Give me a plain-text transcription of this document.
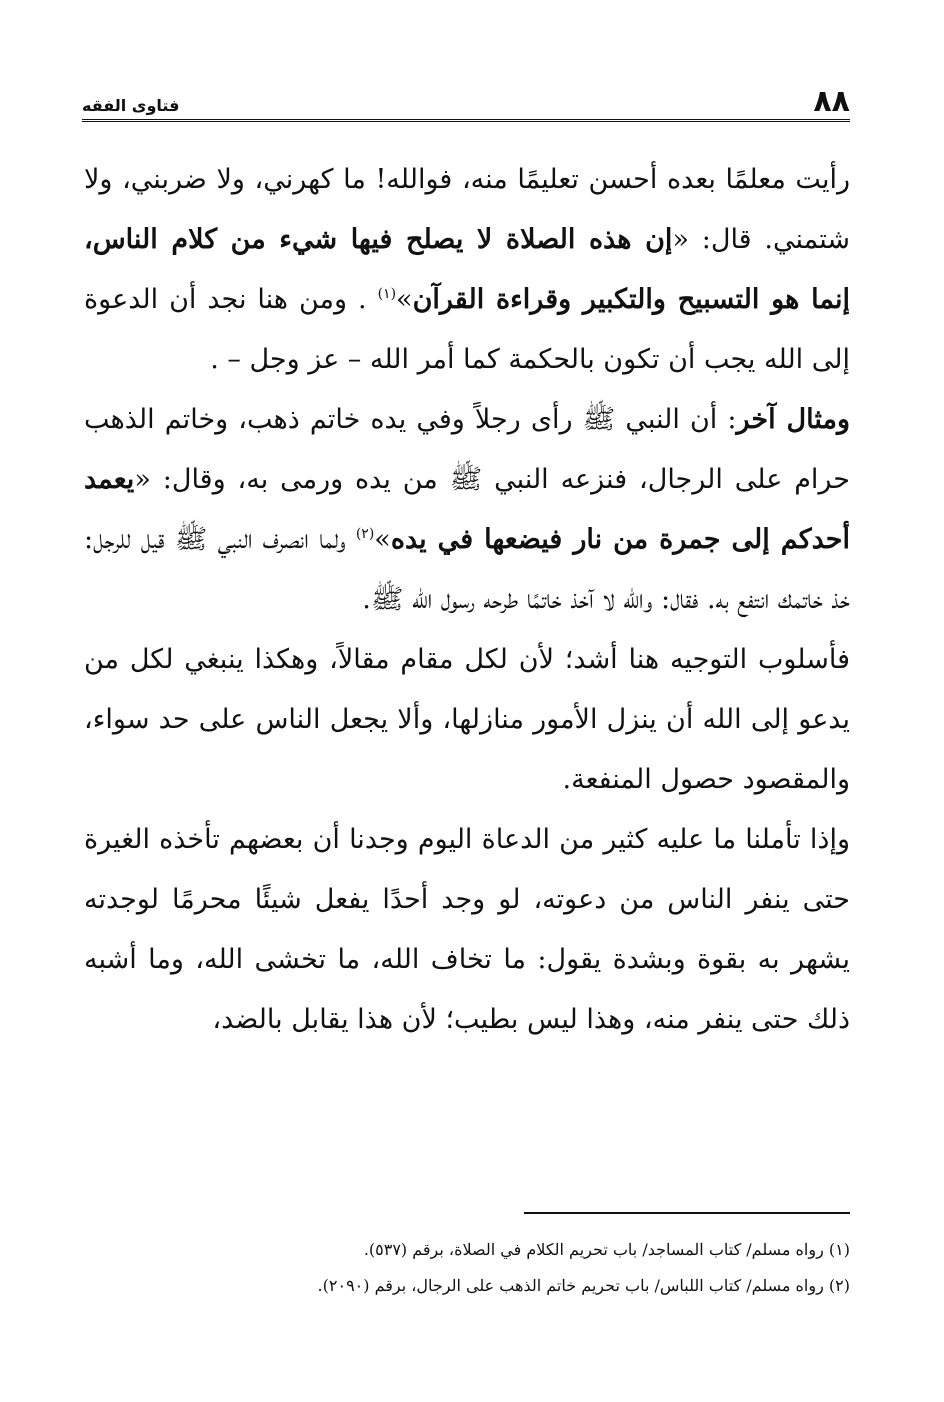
٨٨
فتاوى الفقه

رأيت معلمًا بعده أحسن تعليمًا منه، فوالله! ما كهرني، ولا ضربني، ولا شتمني. قال: «إن هذه الصلاة لا يصلح فيها شيء من كلام الناس، إنما هو التسبيح والتكبير وقراءة القرآن»$^{(١)}$ . ومن هنا نجد أن الدعوة إلى الله يجب أن تكون بالحكمة كما أمر الله – عز وجل – .

ومثال آخر: أن النبي ﷺ رأى رجلاً وفي يده خاتم ذهب، وخاتم الذهب حرام على الرجال، فنزعه النبي ﷺ من يده ورمى به، وقال: «يعمد أحدكم إلى جمرة من نار فيضعها في يده»$^{(٢)}$ ولما انصرف النبي ﷺ قيل للرجل: خذ خاتمك انتفع به. فقال: والله لا آخذ خاتمًا طرحه رسول الله ﷺ.

فأسلوب التوجيه هنا أشد؛ لأن لكل مقام مقالاً، وهكذا ينبغي لكل من يدعو إلى الله أن ينزل الأمور منازلها، وألا يجعل الناس على حد سواء، والمقصود حصول المنفعة.

وإذا تأملنا ما عليه كثير من الدعاة اليوم وجدنا أن بعضهم تأخذه الغيرة حتى ينفر الناس من دعوته، لو وجد أحدًا يفعل شيئًا محرمًا لوجدته يشهر به بقوة وبشدة يقول: ما تخاف الله، ما تخشى الله، وما أشبه ذلك حتى ينفر منه، وهذا ليس بطيب؛ لأن هذا يقابل بالضد،

(١) رواه مسلم/ كتاب المساجد/ باب تحريم الكلام في الصلاة، برقم (٥٣٧).

(٢) رواه مسلم/ كتاب اللباس/ باب تحريم خاتم الذهب على الرجال، برقم (٢٠٩٠).
